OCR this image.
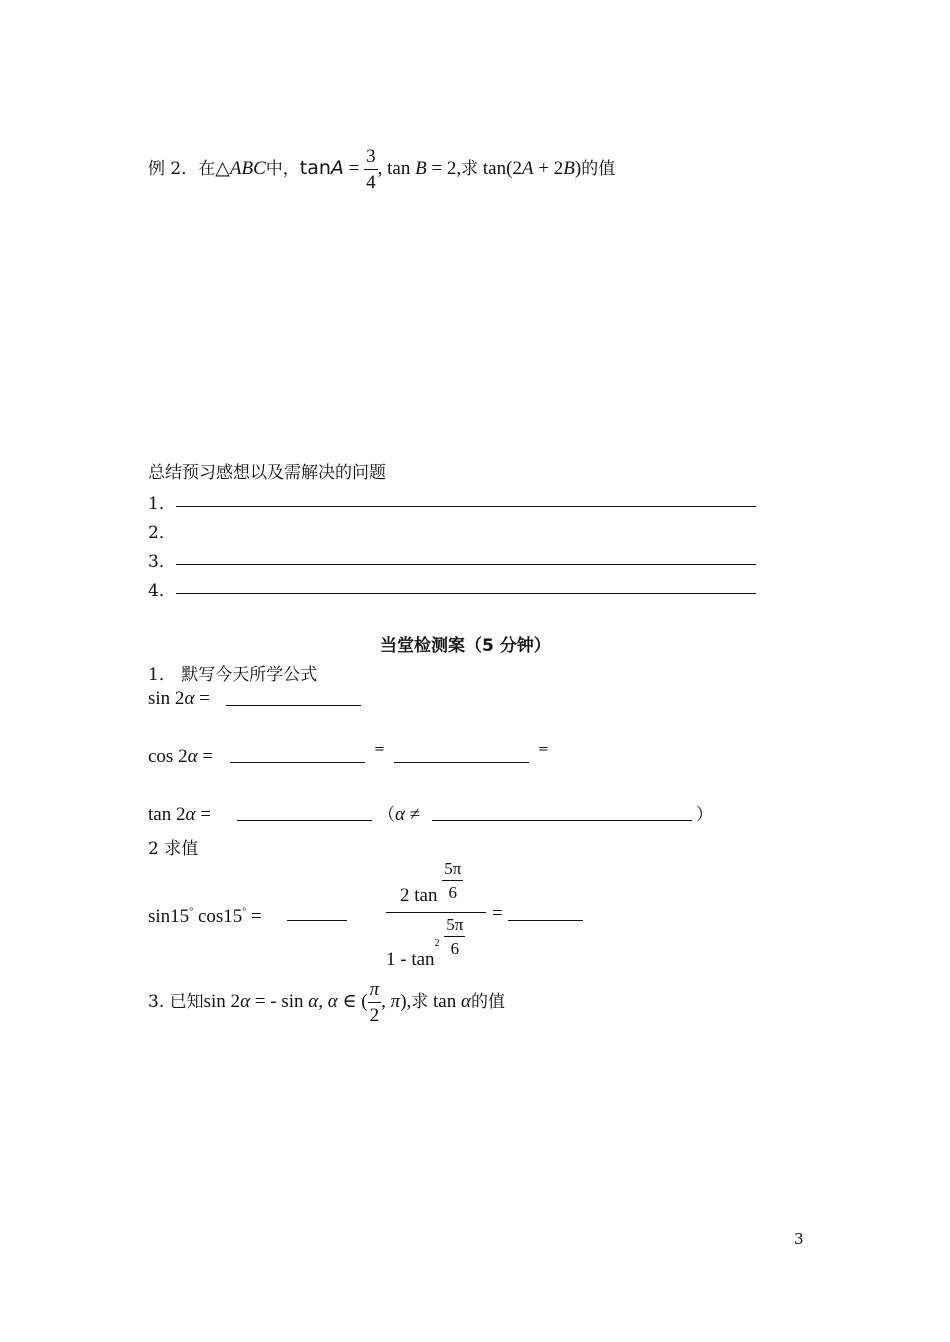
例 2．在△ABC中，$\tan A = \frac{3}{4}$ , tan B = 2,求 tan(2A + 2B)的值
总结预习感想以及需解决的问题
1．
2．
3．
4．
当堂检测案（5 分钟）
1． 默写今天所学公式
sin 2α =
cos 2α =	=	=
tan 2α =	（α ≠	）
2 求值
sin15° cos15° =
2 $\tan \frac{5\pi}{6}$
$1 - \tan^2 \frac{5\pi}{6}$
=
3. 已知sin 2α = - sin α, α ∈ ( $\frac{\pi}{2}$ , π),求 tan α的值
3
